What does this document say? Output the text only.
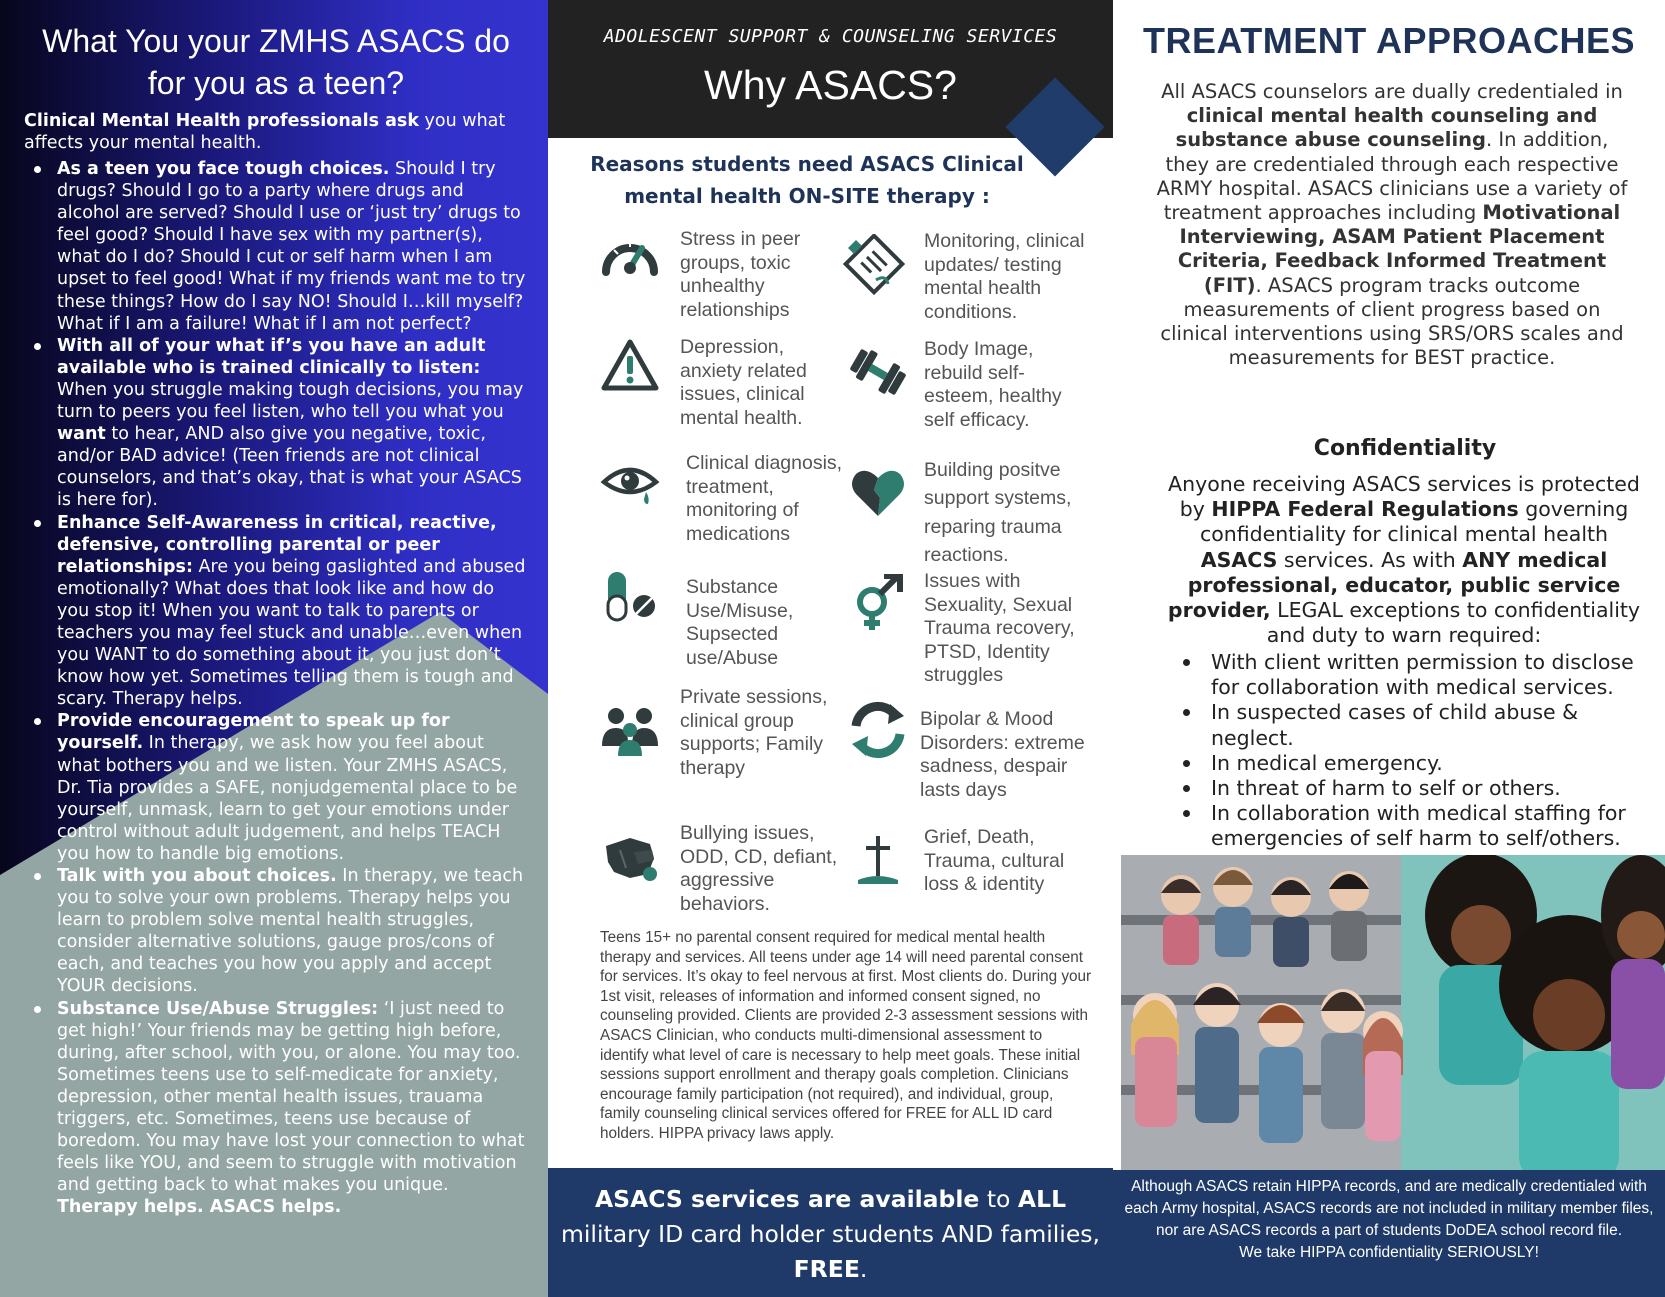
What You your ZMHS ASACS do for you as a teen?

Clinical Mental Health professionals ask you what affects your mental health.

As a teen you face tough choices. Should I try drugs? Should I go to a party where drugs and alcohol are served? Should I use or ‘just try’ drugs to feel good? Should I have sex with my partner(s), what do I do? Should I cut or self harm when I am upset to feel good! What if my friends want me to try these things? How do I say NO! Should I…kill myself? What if I am a failure! What if I am not perfect?
With all of your what if’s you have an adult available who is trained clinically to listen: When you struggle making tough decisions, you may turn to peers you feel listen, who tell you what you want to hear, AND also give you negative, toxic, and/or BAD advice! (Teen friends are not clinical counselors, and that’s okay, that is what your ASACS is here for).
Enhance Self-Awareness in critical, reactive, defensive, controlling parental or peer relationships: Are you being gaslighted and abused emotionally? What does that look like and how do you stop it! When you want to talk to parents or teachers you may feel stuck and unable…even when you WANT to do something about it, you just don’t know how yet. Sometimes telling them is tough and scary. Therapy helps.
Provide encouragement to speak up for yourself. In therapy, we ask how you feel about what bothers you and we listen. Your ZMHS ASACS, Dr. Tia provides a SAFE, nonjudgemental place to be yourself, unmask, learn to get your emotions under control without adult judgement, and helps TEACH you how to handle big emotions.
Talk with you about choices. In therapy, we teach you to solve your own problems. Therapy helps you learn to problem solve mental health struggles, consider alternative solutions, gauge pros/cons of each, and teaches you how you apply and accept YOUR decisions.
Substance Use/Abuse Struggles: ‘I just need to get high!’ Your friends may be getting high before, during, after school, with you, or alone. You may too. Sometimes teens use to self-medicate for anxiety, depression, other mental health issues, trauama triggers, etc. Sometimes, teens use because of boredom. You may have lost your connection to what feels like YOU, and seem to struggle with motivation and getting back to what makes you unique. Therapy helps. ASACS helps.
ADOLESCENT SUPPORT & COUNSELING SERVICES
Why ASACS?
Reasons students need ASACS Clinical mental health ON-SITE therapy :
Stress in peer groups, toxic unhealthy relationships
Depression, anxiety related issues, clinical mental health.
Clinical diagnosis, treatment, monitoring of medications
Substance Use/Misuse, Supsected use/Abuse
Private sessions, clinical group supports; Family therapy
Bullying issues, ODD, CD, defiant, aggressive behaviors.
Monitoring, clinical updates/ testing mental health conditions.
Body Image, rebuild self-esteem, healthy self efficacy.
Building positve support systems, reparing trauma reactions.
Issues with Sexuality, Sexual Trauma recovery, PTSD, Identity struggles
Bipolar & Mood Disorders: extreme sadness, despair lasts days
Grief, Death, Trauma, cultural loss & identity

Teens 15+ no parental consent required for medical mental health therapy and services. All teens under age 14 will need parental consent for services. It’s okay to feel nervous at first. Most clients do. During your 1st visit, releases of information and informed consent signed, no counseling provided. Clients are provided 2-3 assessment sessions with ASACS Clinician, who conducts multi-dimensional assessment to identify what level of care is necessary to help meet goals. These initial sessions support enrollment and therapy goals completion. Clinicians encourage family participation (not required), and individual, group, family counseling clinical services offered for FREE for ALL ID card holders. HIPPA privacy laws apply.

ASACS services are available to ALL
military ID card holder students AND families, FREE.
TREATMENT APPROACHES

All ASACS counselors are dually credentialed in clinical mental health counseling and substance abuse counseling. In addition, they are credentialed through each respective ARMY hospital. ASACS clinicians use a variety of treatment approaches including Motivational Interviewing, ASAM Patient Placement Criteria, Feedback Informed Treatment (FIT). ASACS program tracks outcome measurements of client progress based on clinical interventions using SRS/ORS scales and measurements for BEST practice.

Confidentiality

Anyone receiving ASACS services is protected by HIPPA Federal Regulations governing confidentiality for clinical mental health ASACS services. As with ANY medical professional, educator, public service provider, LEGAL exceptions to confidentiality and duty to warn required:

With client written permission to disclose for collaboration with medical services.
In suspected cases of child abuse & neglect.
In medical emergency.
In threat of harm to self or others.
In collaboration with medical staffing for emergencies of self harm to self/others.
Although ASACS retain HIPPA records, and are medically credentialed with each Army hospital, ASACS records are not included in military member files, nor are ASACS records a part of students DoDEA school record file.
We take HIPPA confidentiality SERIOUSLY!
